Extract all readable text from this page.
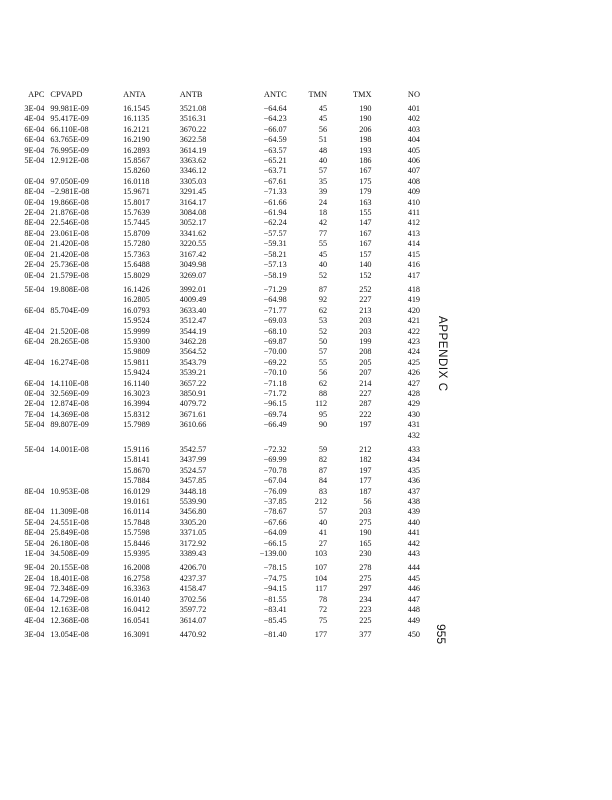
APC	CPVAPD	ANTA	ANTB	ANTC	TMN	TMX	NO
3E-04	99.981E-09	16.1545	3521.08	−64.64	45	190	401
4E-04	95.417E-09	16.1135	3516.31	−64.23	45	190	402
6E-04	66.110E-08	16.2121	3670.22	−66.07	56	206	403
6E-04	63.765E-09	16.2190	3622.58	−64.59	51	198	404
9E-04	76.995E-09	16.2893	3614.19	−63.57	48	193	405
5E-04	12.912E-08	15.8567	3363.62	−65.21	40	186	406
		15.8260	3346.12	−63.71	57	167	407
0E-04	97.050E-09	16.0118	3305.03	−67.61	35	175	408
8E-04	−2.981E-08	15.9671	3291.45	−71.33	39	179	409
0E-04	19.866E-08	15.8017	3164.17	−61.66	24	163	410
2E-04	21.876E-08	15.7639	3084.08	−61.94	18	155	411
8E-04	22.546E-08	15.7445	3052.17	−62.24	42	147	412
8E-04	23.061E-08	15.8709	3341.62	−57.57	77	167	413
0E-04	21.420E-08	15.7280	3220.55	−59.31	55	167	414
0E-04	21.420E-08	15.7363	3167.42	−58.21	45	157	415
2E-04	25.736E-08	15.6488	3049.98	−57.13	40	140	416
0E-04	21.579E-08	15.8029	3269.07	−58.19	52	152	417
5E-04	19.808E-08	16.1426	3992.01	−71.29	87	252	418
		16.2805	4009.49	−64.98	92	227	419
6E-04	85.704E-09	16.0793	3633.40	−71.77	62	213	420
		15.9524	3512.47	−69.03	53	203	421
4E-04	21.520E-08	15.9999	3544.19	−68.10	52	203	422
6E-04	28.265E-08	15.9300	3462.28	−69.87	50	199	423
		15.9809	3564.52	−70.00	57	208	424
4E-04	16.274E-08	15.9811	3543.79	−69.22	55	205	425
		15.9424	3539.21	−70.10	56	207	426
6E-04	14.110E-08	16.1140	3657.22	−71.18	62	214	427
0E-04	32.569E-09	16.3023	3850.91	−71.72	88	227	428
2E-04	12.874E-08	16.3994	4079.72	−96.15	112	287	429
7E-04	14.369E-08	15.8312	3671.61	−69.74	95	222	430
5E-04	89.807E-09	15.7989	3610.66	−66.49	90	197	431
							432
5E-04	14.001E-08	15.9116	3542.57	−72.32	59	212	433
		15.8141	3437.99	−69.99	82	182	434
		15.8670	3524.57	−70.78	87	197	435
		15.7884	3457.85	−67.04	84	177	436
8E-04	10.953E-08	16.0129	3448.18	−76.09	83	187	437
		19.0161	5539.90	−37.85	212	56	438
8E-04	11.309E-08	16.0114	3456.80	−78.67	57	203	439
5E-04	24.551E-08	15.7848	3305.20	−67.66	40	275	440
8E-04	25.849E-08	15.7598	3371.05	−64.09	41	190	441
5E-04	26.180E-08	15.8446	3172.92	−66.15	27	165	442
1E-04	34.508E-09	15.9395	3389.43	−139.00	103	230	443
9E-04	20.155E-08	16.2008	4206.70	−78.15	107	278	444
2E-04	18.401E-08	16.2758	4237.37	−74.75	104	275	445
9E-04	72.348E-09	16.3363	4158.47	−94.15	117	297	446
6E-04	14.729E-08	16.0140	3702.56	−81.55	78	234	447
0E-04	12.163E-08	16.0412	3597.72	−83.41	72	223	448
4E-04	12.368E-08	16.0541	3614.07	−85.45	75	225	449
3E-04	13.054E-08	16.3091	4470.92	−81.40	177	377	450
APPENDIX C
955
